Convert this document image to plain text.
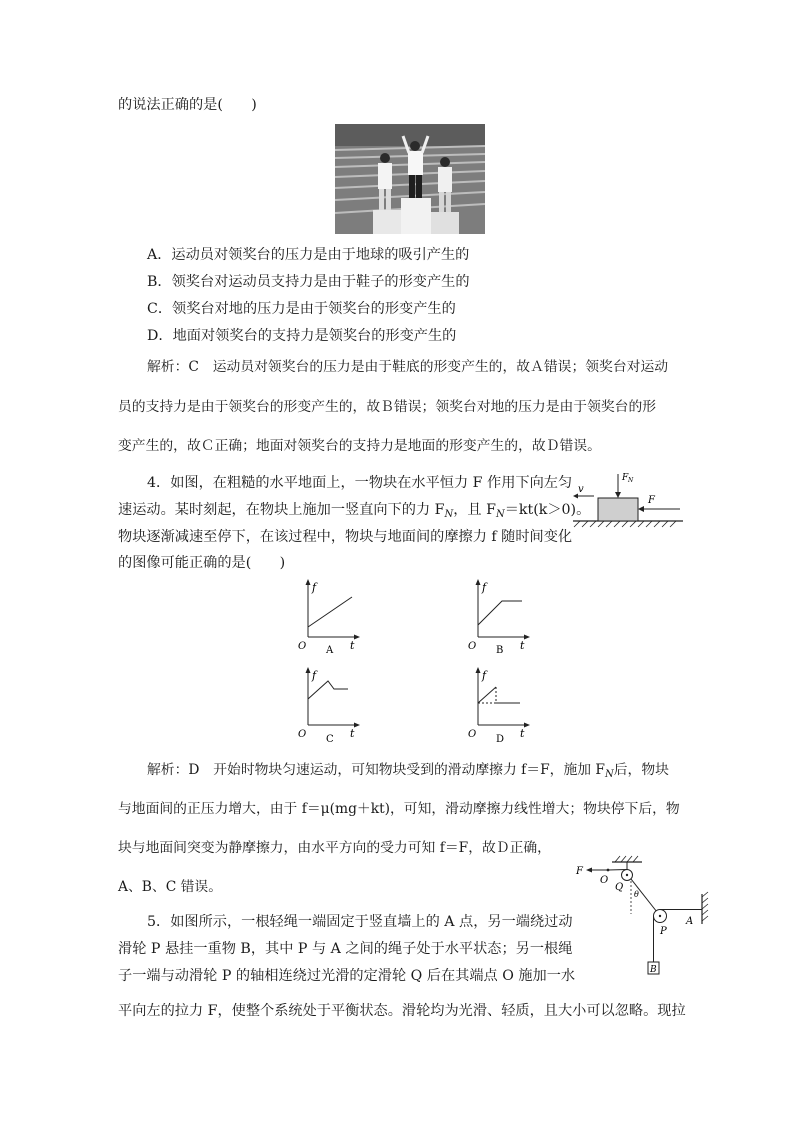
的说法正确的是(　　)
A．运动员对领奖台的压力是由于地球的吸引产生的
B．领奖台对运动员支持力是由于鞋子的形变产生的
C．领奖台对地的压力是由于领奖台的形变产生的
D．地面对领奖台的支持力是领奖台的形变产生的
解析：C　运动员对领奖台的压力是由于鞋底的形变产生的，故Ａ错误；领奖台对运动
员的支持力是由于领奖台的形变产生的，故Ｂ错误；领奖台对地的压力是由于领奖台的形
变产生的，故Ｃ正确；地面对领奖台的支持力是地面的形变产生的，故Ｄ错误。
4．如图，在粗糙的水平地面上，一物块在水平恒力 F 作用下向左匀
速运动。某时刻起，在物块上施加一竖直向下的力 $F_N$，且 $F_N=kt(k>0)$。
物块逐渐减速至停下，在该过程中，物块与地面间的摩擦力 f 随时间变化
的图像可能正确的是(　　)
F N
F
v
f
t
O A
f
t
O C
f
t
O B
f
t
O D
解析：D　开始时物块匀速运动，可知物块受到的滑动摩擦力 f＝F，施加 $F_N$后，物块
与地面间的正压力增大，由于 f＝μ(mg＋kt)，可知，滑动摩擦力线性增大；物块停下后，物
块与地面间突变为静摩擦力，由水平方向的受力可知 f＝F，故Ｄ正确，
A、B、C 错误。
5．如图所示，一根轻绳一端固定于竖直墙上的 A 点，另一端绕过动
滑轮 P 悬挂一重物 B，其中 P 与 A 之间的绳子处于水平状态；另一根绳
子一端与动滑轮 P 的轴相连绕过光滑的定滑轮 Q 后在其端点 O 施加一水
平向左的拉力 F，使整个系统处于平衡状态。滑轮均为光滑、轻质，且大小可以忽略。现拉
F
O
Q
θ
P
A
B
